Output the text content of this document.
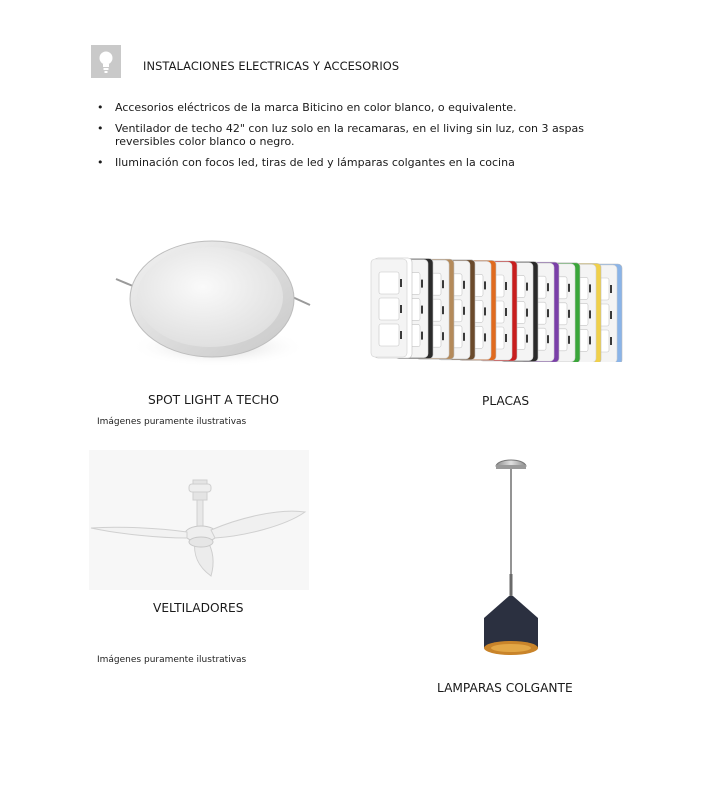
INSTALACIONES ELECTRICAS Y ACCESORIOS
• Accesorios eléctricos de la marca Biticino en color blanco, o equivalente.
• Ventilador de techo 42" con luz solo en la recamaras, en el living sin luz, con 3 aspas reversibles color blanco o negro.
• Iluminación con focos led, tiras de led y lámparas colgantes en la cocina
SPOT LIGHT A TECHO	PLACAS
Imágenes puramente ilustrativas
VELTILADORES
Imágenes puramente ilustrativas
LAMPARAS COLGANTE
